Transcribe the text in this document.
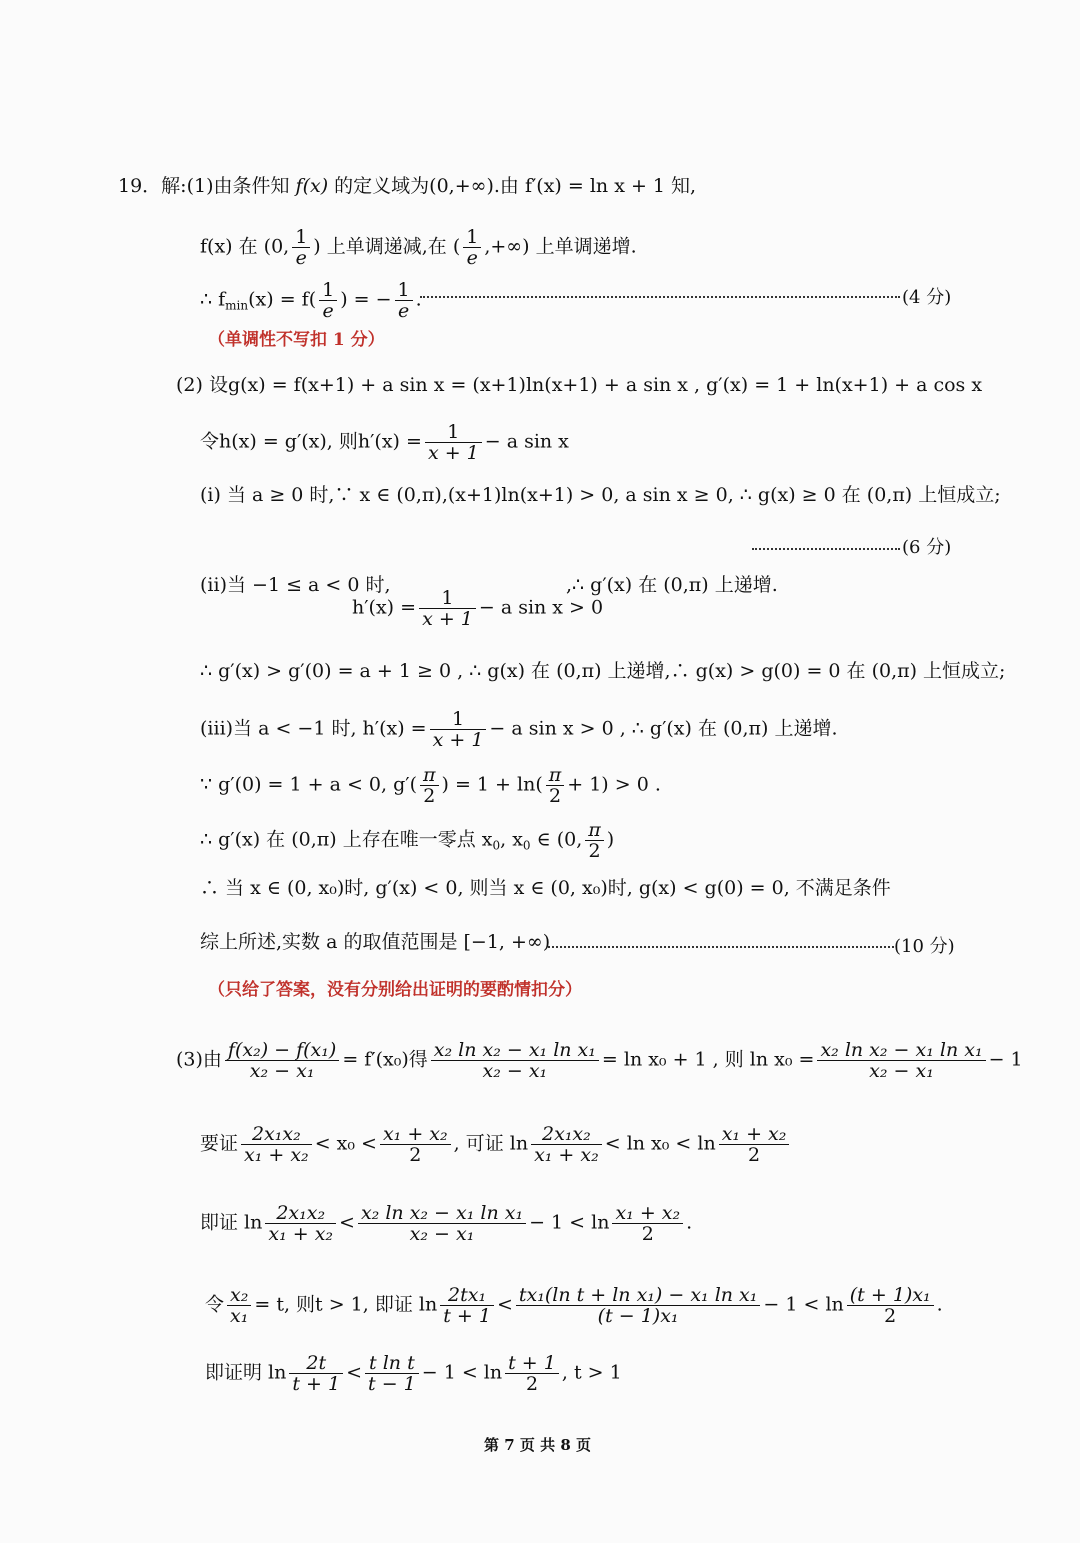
19．解:(1)由条件知 f(x) 的定义域为(0,+∞).由 f′(x) = ln x + 1 知,
f(x) 在 (0, $\frac{1}{e}$ ) 上单调递减,在 ( $\frac{1}{e}$ ,+∞) 上单调递增.
∴ $f_{min}(x) = f( \frac{1}{e}$ ) = − $\frac{1}{e}$ .	(4 分)
（单调性不写扣 1 分）
(2) 设g(x) = f(x+1) + a sin x = (x+1)ln(x+1) + a sin x , g′(x) = 1 + ln(x+1) + a cos x
令h(x) = g′(x), 则$h'(x) = \frac{1}{x + 1} - a$ sin x
(i) 当 a ≥ 0 时,∵ x ∈ (0,π),(x+1)ln(x+1) > 0, a sin x ≥ 0, ∴ g(x) ≥ 0 在 (0,π) 上恒成立;
(6 分)
(ii)当 −1 ≤ a < 0 时,
$h'(x) = \frac{1}{x + 1} - a$ sin x > 0
,∴ g′(x) 在 (0,π) 上递增.
∴ g′(x) > g′(0) = a + 1 ≥ 0 , ∴ g(x) 在 (0,π) 上递增,∴ g(x) > g(0) = 0 在 (0,π) 上恒成立;
(iii)当 a < −1 时, $h'(x) = \frac{1}{x + 1} - a$ sin x > 0 , ∴ g′(x) 在 (0,π) 上递增.
∵ g′(0) = 1 + a < 0, $g'( \frac{\pi}{2}$ ) = $1 + \ln( \frac{\pi}{2} + 1) > 0$ .
∴ g′(x) 在 (0,π) 上存在唯一零点 $x_0$, $x_0$ ∈ (0, $\frac{\pi}{2}$ )
∴ 当 x ∈ (0, x₀)时, g′(x) < 0, 则当 x ∈ (0, x₀)时, g(x) < g(0) = 0, 不满足条件
综上所述,实数 a 的取值范围是 [−1, +∞)	(10 分)
（只给了答案，没有分别给出证明的要酌情扣分）
(3)由 $\frac{\text{f(x₂) − f(x₁)}}{\text{x₂ − x₁}} = f'(x_0)$得 $\frac{\text{x₂ ln x₂ − x₁ ln x₁}}{\text{x₂ − x₁}} = \ln x_0 + 1$ , 则 $\ln x_0 = \frac{\text{x₂ ln x₂ − x₁ ln x₁}}{\text{x₂ − x₁}} - 1$
要证 $\frac{\text{2x₁x₂}}{\text{x₁ + x₂}} < x_0 < \frac{\text{x₁ + x₂}}{2}$ , 可证 $\ln \frac{\text{2x₁x₂}}{\text{x₁ + x₂}} < \ln x_0 < \ln \frac{\text{x₁ + x₂}}{2}$
即证 $\ln \frac{\text{2x₁x₂}}{\text{x₁ + x₂}} < \frac{\text{x₂ ln x₂ − x₁ ln x₁}}{\text{x₂ − x₁}} - 1 < \ln \frac{\text{x₁ + x₂}}{2}$ .
令 $\frac{\text{x₂}}{\text{x₁}} = t$, 则t > 1, 即证 $\ln \frac{\text{2tx₁}}{t + 1} < \frac{\text{tx₁(ln t + ln x₁) − x₁ ln x₁}}{\text{(t − 1)x₁}} - 1 < \ln \frac{\text{(t + 1)x₁}}{2}$ .
即证明 $\ln \frac{2t}{t + 1} < \frac{\text{t ln t}}{t - 1} - 1 < \ln \frac{t + 1}{2}$ , t > 1
第 7 页 共 8 页
